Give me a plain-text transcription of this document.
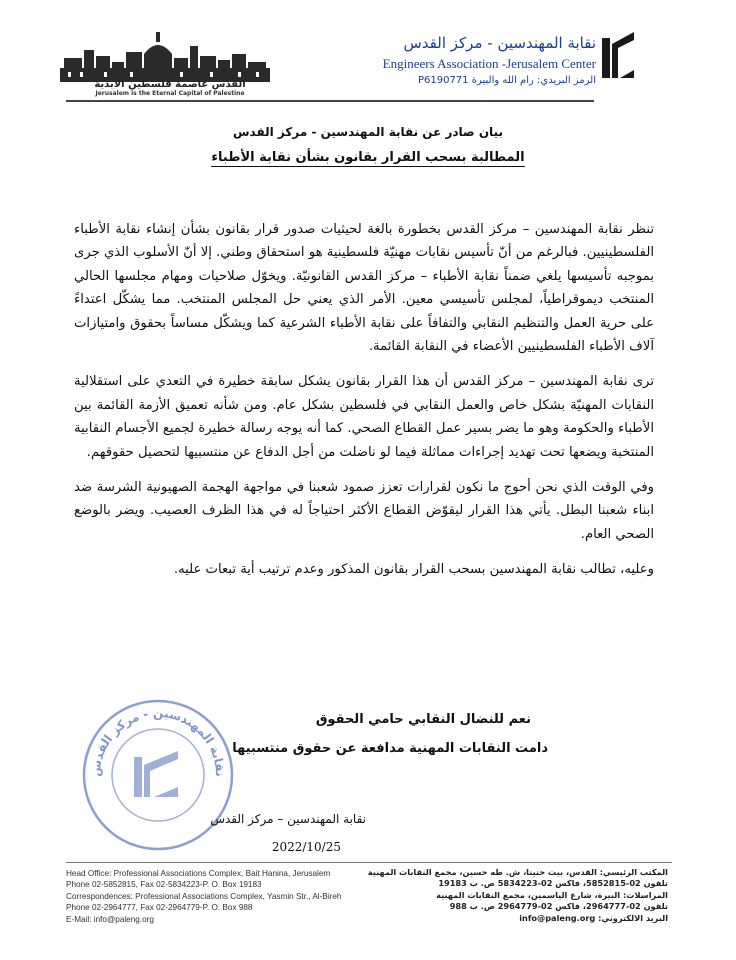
القدس عاصمة فلسطين الأبدية
Jerusalem is the Eternal Capital of Palestine
نقابة المهندسين - مركز القدس
Engineers Association -Jerusalem Center
الرمز البريدي: رام الله والبيرة P6190771
بيان صادر عن نقابة المهندسين - مركز القدس
المطالبة بسحب القرار بقانون بشأن نقابة الأطباء

تنظر نقابة المهندسين – مركز القدس بخطورة بالغة لحيثيات صدور قرار بقانون بشأن إنشاء نقابة الأطباء الفلسطينيين. فبالرغم من أنّ تأسيس نقابات مهنيّة فلسطينية هو استحقاق وطني. إلا أنّ الأسلوب الذي جرى بموجبه تأسيسها يلغي ضمناً نقابة الأطباء – مركز القدس القانونيّة. ويخوّل صلاحيات ومهام مجلسها الحالي المنتخب ديموقراطياً، لمجلس تأسيسي معين. الأمر الذي يعني حل المجلس المنتخب. مما يشكّل اعتداءً على حرية العمل والتنظيم النقابي والتفافاً على نقابة الأطباء الشرعية كما ويشكّل مساساً بحقوق وامتيازات آلاف الأطباء الفلسطينيين الأعضاء في النقابة القائمة.

ترى نقابة المهندسين – مركز القدس أن هذا القرار بقانون يشكل سابقة خطيرة في التعدي على استقلالية النقابات المهنيّة بشكل خاص والعمل النقابي في فلسطين بشكل عام. ومن شأنه تعميق الأزمة القائمة بين الأطباء والحكومة وهو ما يضر بسير عمل القطاع الصحي. كما أنه يوجه رسالة خطيرة لجميع الأجسام النقابية المنتخبة ويضعها تحت تهديد إجراءات مماثلة فيما لو ناضلت من أجل الدفاع عن منتسبيها لتحصيل حقوقهم.

وفي الوقت الذي نحن أحوج ما نكون لقرارات تعزز صمود شعبنا في مواجهة الهجمة الصهيونية الشرسة ضد ابناء شعبنا البطل. يأتي هذا القرار ليقوّض القطاع الأكثر احتياجاً له في هذا الظرف العصيب. ويضر بالوضع الصحي العام.

وعليه، تطالب نقابة المهندسين بسحب القرار بقانون المذكور وعدم ترتيب أية تبعات عليه.

نقابة المهندسين - مركز القدس
نعم للنضال النقابي حامي الحقوق
دامت النقابات المهنية مدافعة عن حقوق منتسبيها
نقابة المهندسين – مركز القدس
2022/10/25
Head Office: Professional Associations Complex, Bait Hanina, Jerusalem
Phone 02-5852815, Fax 02-5834223-P. O. Box 19183
Correspondences: Professional Associations Complex, Yasmin Str., Al-Bireh
Phone 02-2964777, Fax 02-2964779-P. O. Box 988
E-Mail: info@paleng.org
المكتب الرئيسي: القدس، بيت حنينا، ش. طه حسين، مجمع النقابات المهنية
تلفون 02-5852815، فاكس 02-5834223 ص. ب 19183
المراسلات: البيرة، شارع الياسمين، مجمع النقابات المهنية
تلفون 02-2964777، فاكس 02-2964779 ص. ب 988
البريد الالكتروني: info@paleng.org
